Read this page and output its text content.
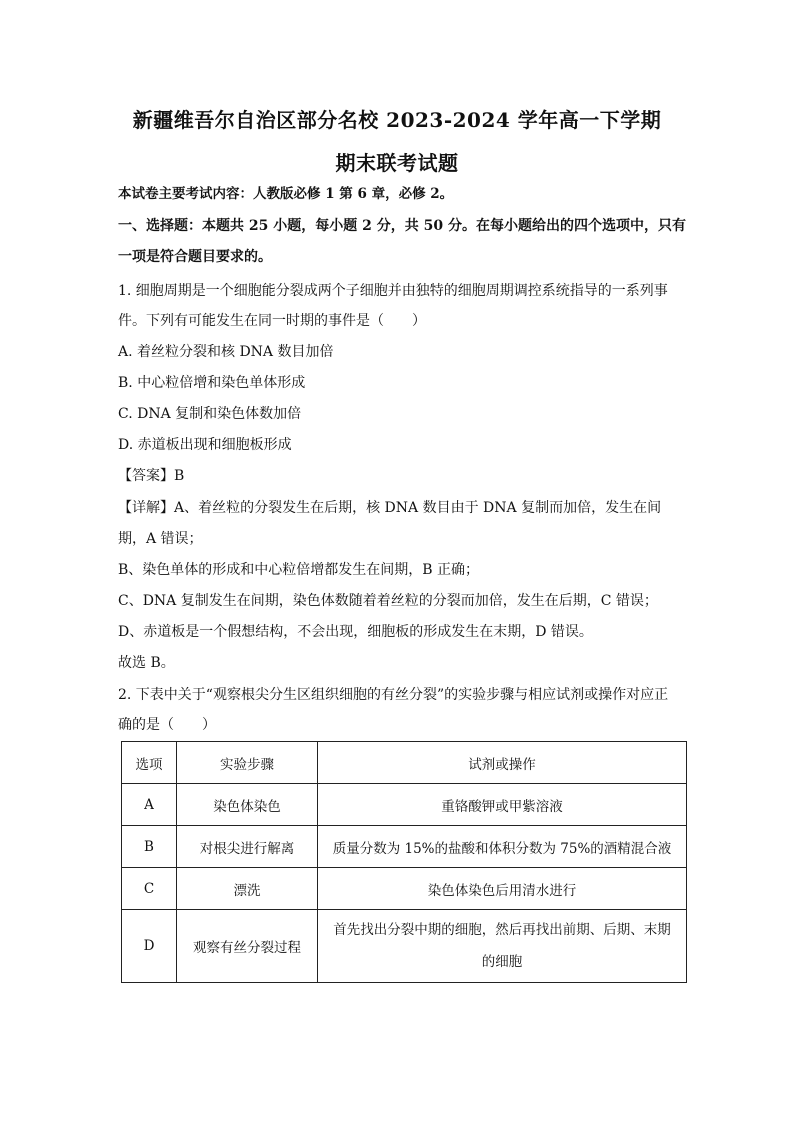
新疆维吾尔自治区部分名校 2023-2024 学年高一下学期
期末联考试题
本试卷主要考试内容：人教版必修 1 第 6 章，必修 2。
一、选择题：本题共 25 小题，每小题 2 分，共 50 分。在每小题给出的四个选项中，只有
一项是符合题目要求的。
1. 细胞周期是一个细胞能分裂成两个子细胞并由独特的细胞周期调控系统指导的一系列事
件。下列有可能发生在同一时期的事件是（　　）
A. 着丝粒分裂和核 DNA 数目加倍
B. 中心粒倍增和染色单体形成
C. DNA 复制和染色体数加倍
D. 赤道板出现和细胞板形成
【答案】B
【详解】A、着丝粒的分裂发生在后期，核 DNA 数目由于 DNA 复制而加倍，发生在间
期，A 错误；
B、染色单体的形成和中心粒倍增都发生在间期，B 正确；
C、DNA 复制发生在间期，染色体数随着着丝粒的分裂而加倍，发生在后期，C 错误；
D、赤道板是一个假想结构，不会出现，细胞板的形成发生在末期，D 错误。
故选 B。
2. 下表中关于“观察根尖分生区组织细胞的有丝分裂”的实验步骤与相应试剂或操作对应正
确的是（　　）
选项	实验步骤	试剂或操作
A	染色体染色	重铬酸钾或甲紫溶液
B	对根尖进行解离	质量分数为 15%的盐酸和体积分数为 75%的酒精混合液
C	漂洗	染色体染色后用清水进行
D	观察有丝分裂过程	首先找出分裂中期的细胞，然后再找出前期、后期、末期
的细胞
